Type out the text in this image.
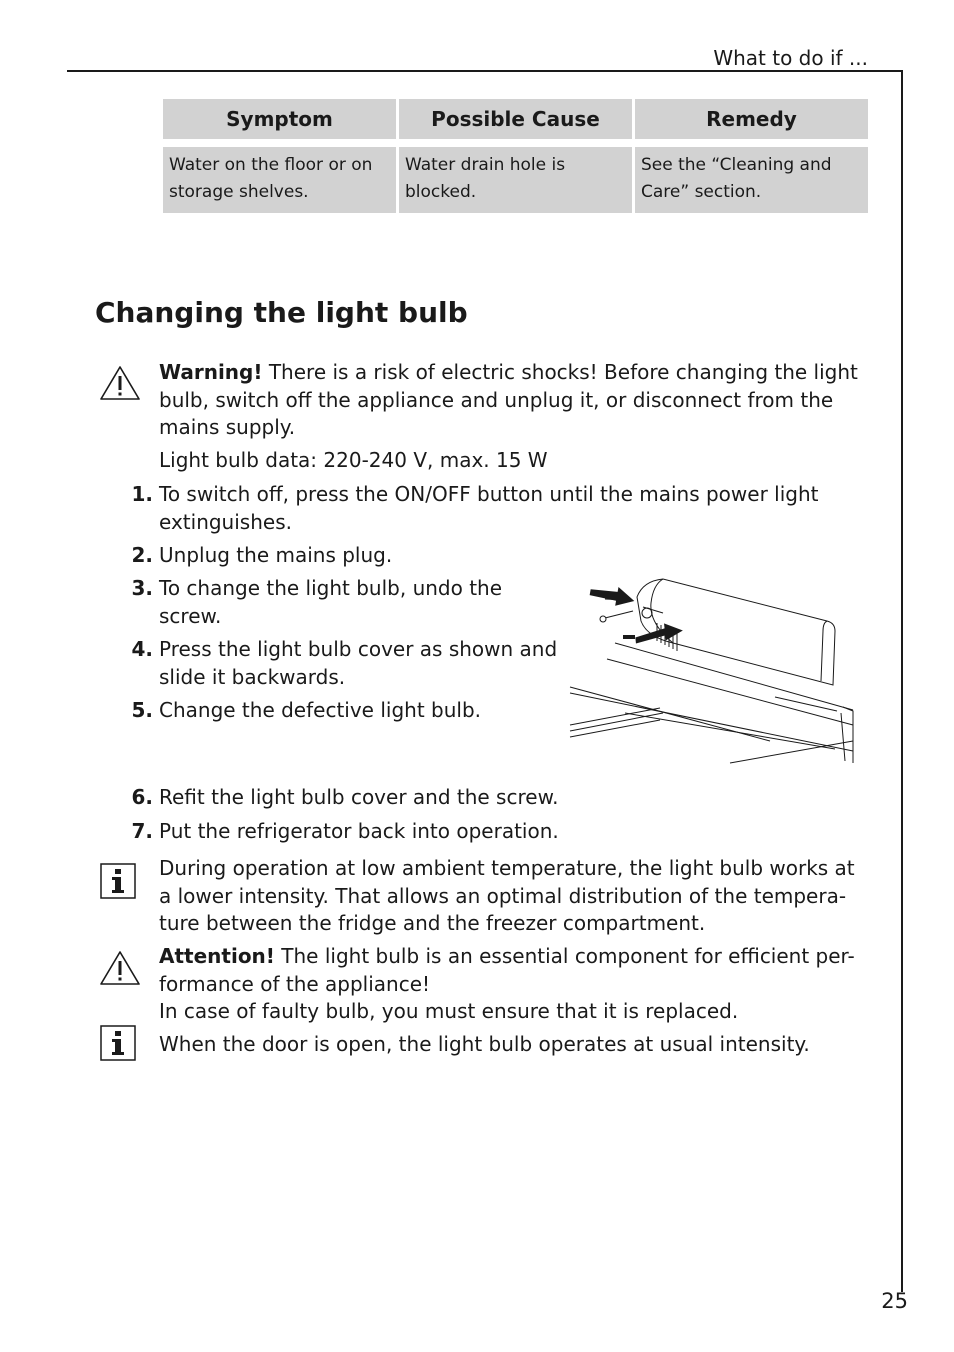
What to do if ...
Symptom	Possible Cause	Remedy

Water on the floor or on storage shelves.	Water drain hole is blocked.	See the “Cleaning and Care” section.
Changing the light bulb

Warning! There is a risk of electric shocks! Before changing the light bulb, switch off the appliance and unplug it, or disconnect from the mains supply.

Light bulb data: 220-240 V, max. 15 W

1. To switch off, press the ON/OFF button until the mains power light extinguishes.

2. Unplug the mains plug.

3. To change the light bulb, undo the screw.

4. Press the light bulb cover as shown and slide it backwards.

5. Change the defective light bulb.

6. Refit the light bulb cover and the screw.

7. Put the refrigerator back into operation.

During operation at low ambient temperature, the light bulb works at a lower intensity. That allows an optimal distribution of the tempera-ture between the fridge and the freezer compartment.

Attention! The light bulb is an essential component for efficient per-formance of the appliance!
In case of faulty bulb, you must ensure that it is replaced.

When the door is open, the light bulb operates at usual intensity.

25
